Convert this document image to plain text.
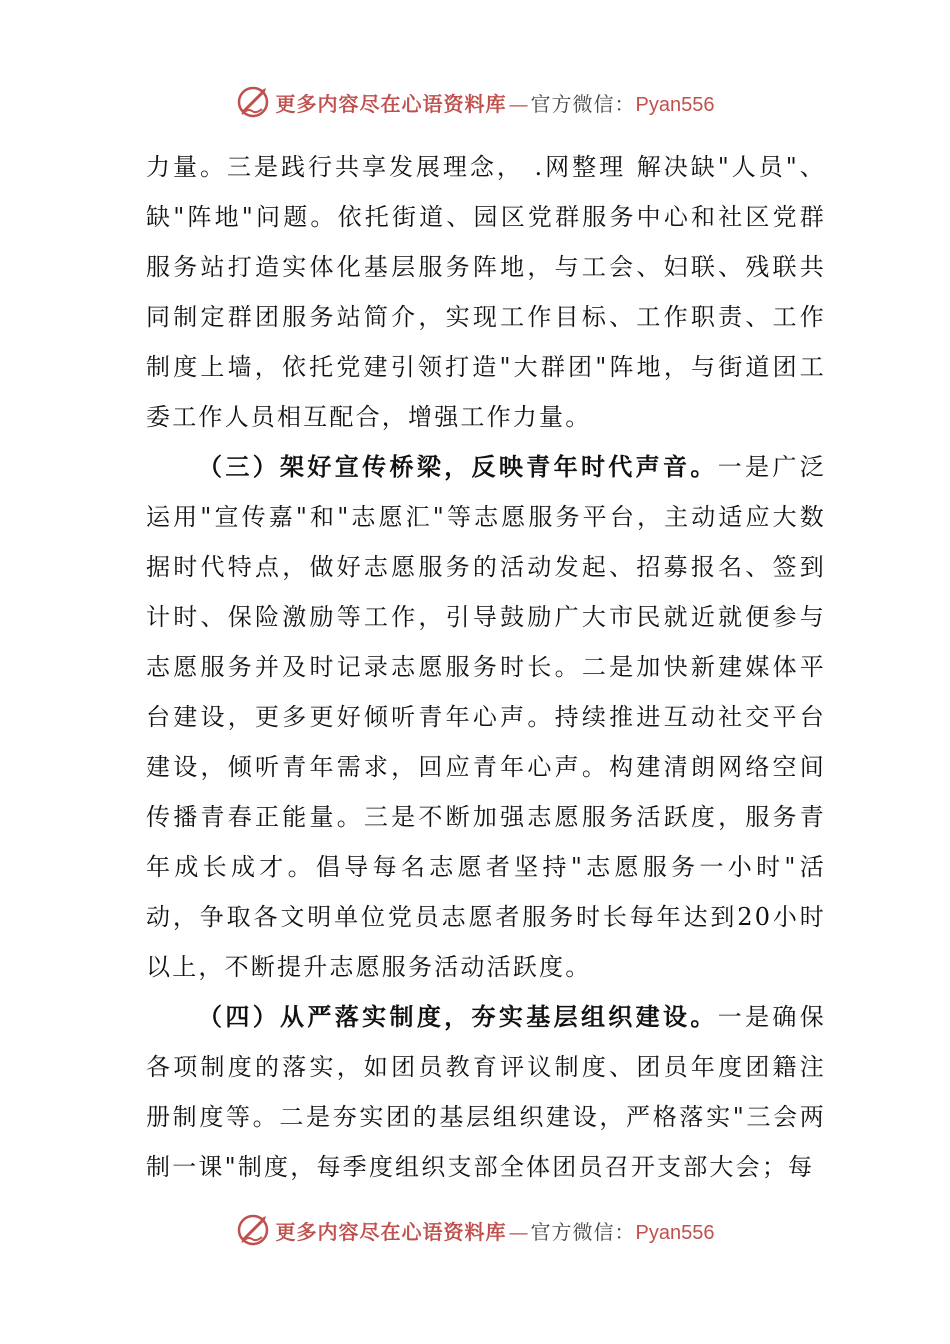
更多内容尽在心语资料库 — 官方微信： Pyan556

力量。三是践行共享发展理念， .网整理 解决缺"人员"、缺"阵地"问题。依托街道、园区党群服务中心和社区党群服务站打造实体化基层服务阵地，与工会、妇联、残联共同制定群团服务站简介，实现工作目标、工作职责、工作制度上墙，依托党建引领打造"大群团"阵地，与街道团工委工作人员相互配合，增强工作力量。

（三）架好宣传桥梁，反映青年时代声音。一是广泛运用"宣传嘉"和"志愿汇"等志愿服务平台，主动适应大数据时代特点，做好志愿服务的活动发起、招募报名、签到计时、保险激励等工作，引导鼓励广大市民就近就便参与志愿服务并及时记录志愿服务时长。二是加快新建媒体平台建设，更多更好倾听青年心声。持续推进互动社交平台建设，倾听青年需求，回应青年心声。构建清朗网络空间传播青春正能量。三是不断加强志愿服务活跃度，服务青年成长成才。倡导每名志愿者坚持"志愿服务一小时"活动，争取各文明单位党员志愿者服务时长每年达到20小时以上，不断提升志愿服务活动活跃度。

（四）从严落实制度，夯实基层组织建设。一是确保各项制度的落实，如团员教育评议制度、团员年度团籍注册制度等。二是夯实团的基层组织建设，严格落实"三会两制一课"制度，每季度组织支部全体团员召开支部大会；每

更多内容尽在心语资料库 — 官方微信： Pyan556
